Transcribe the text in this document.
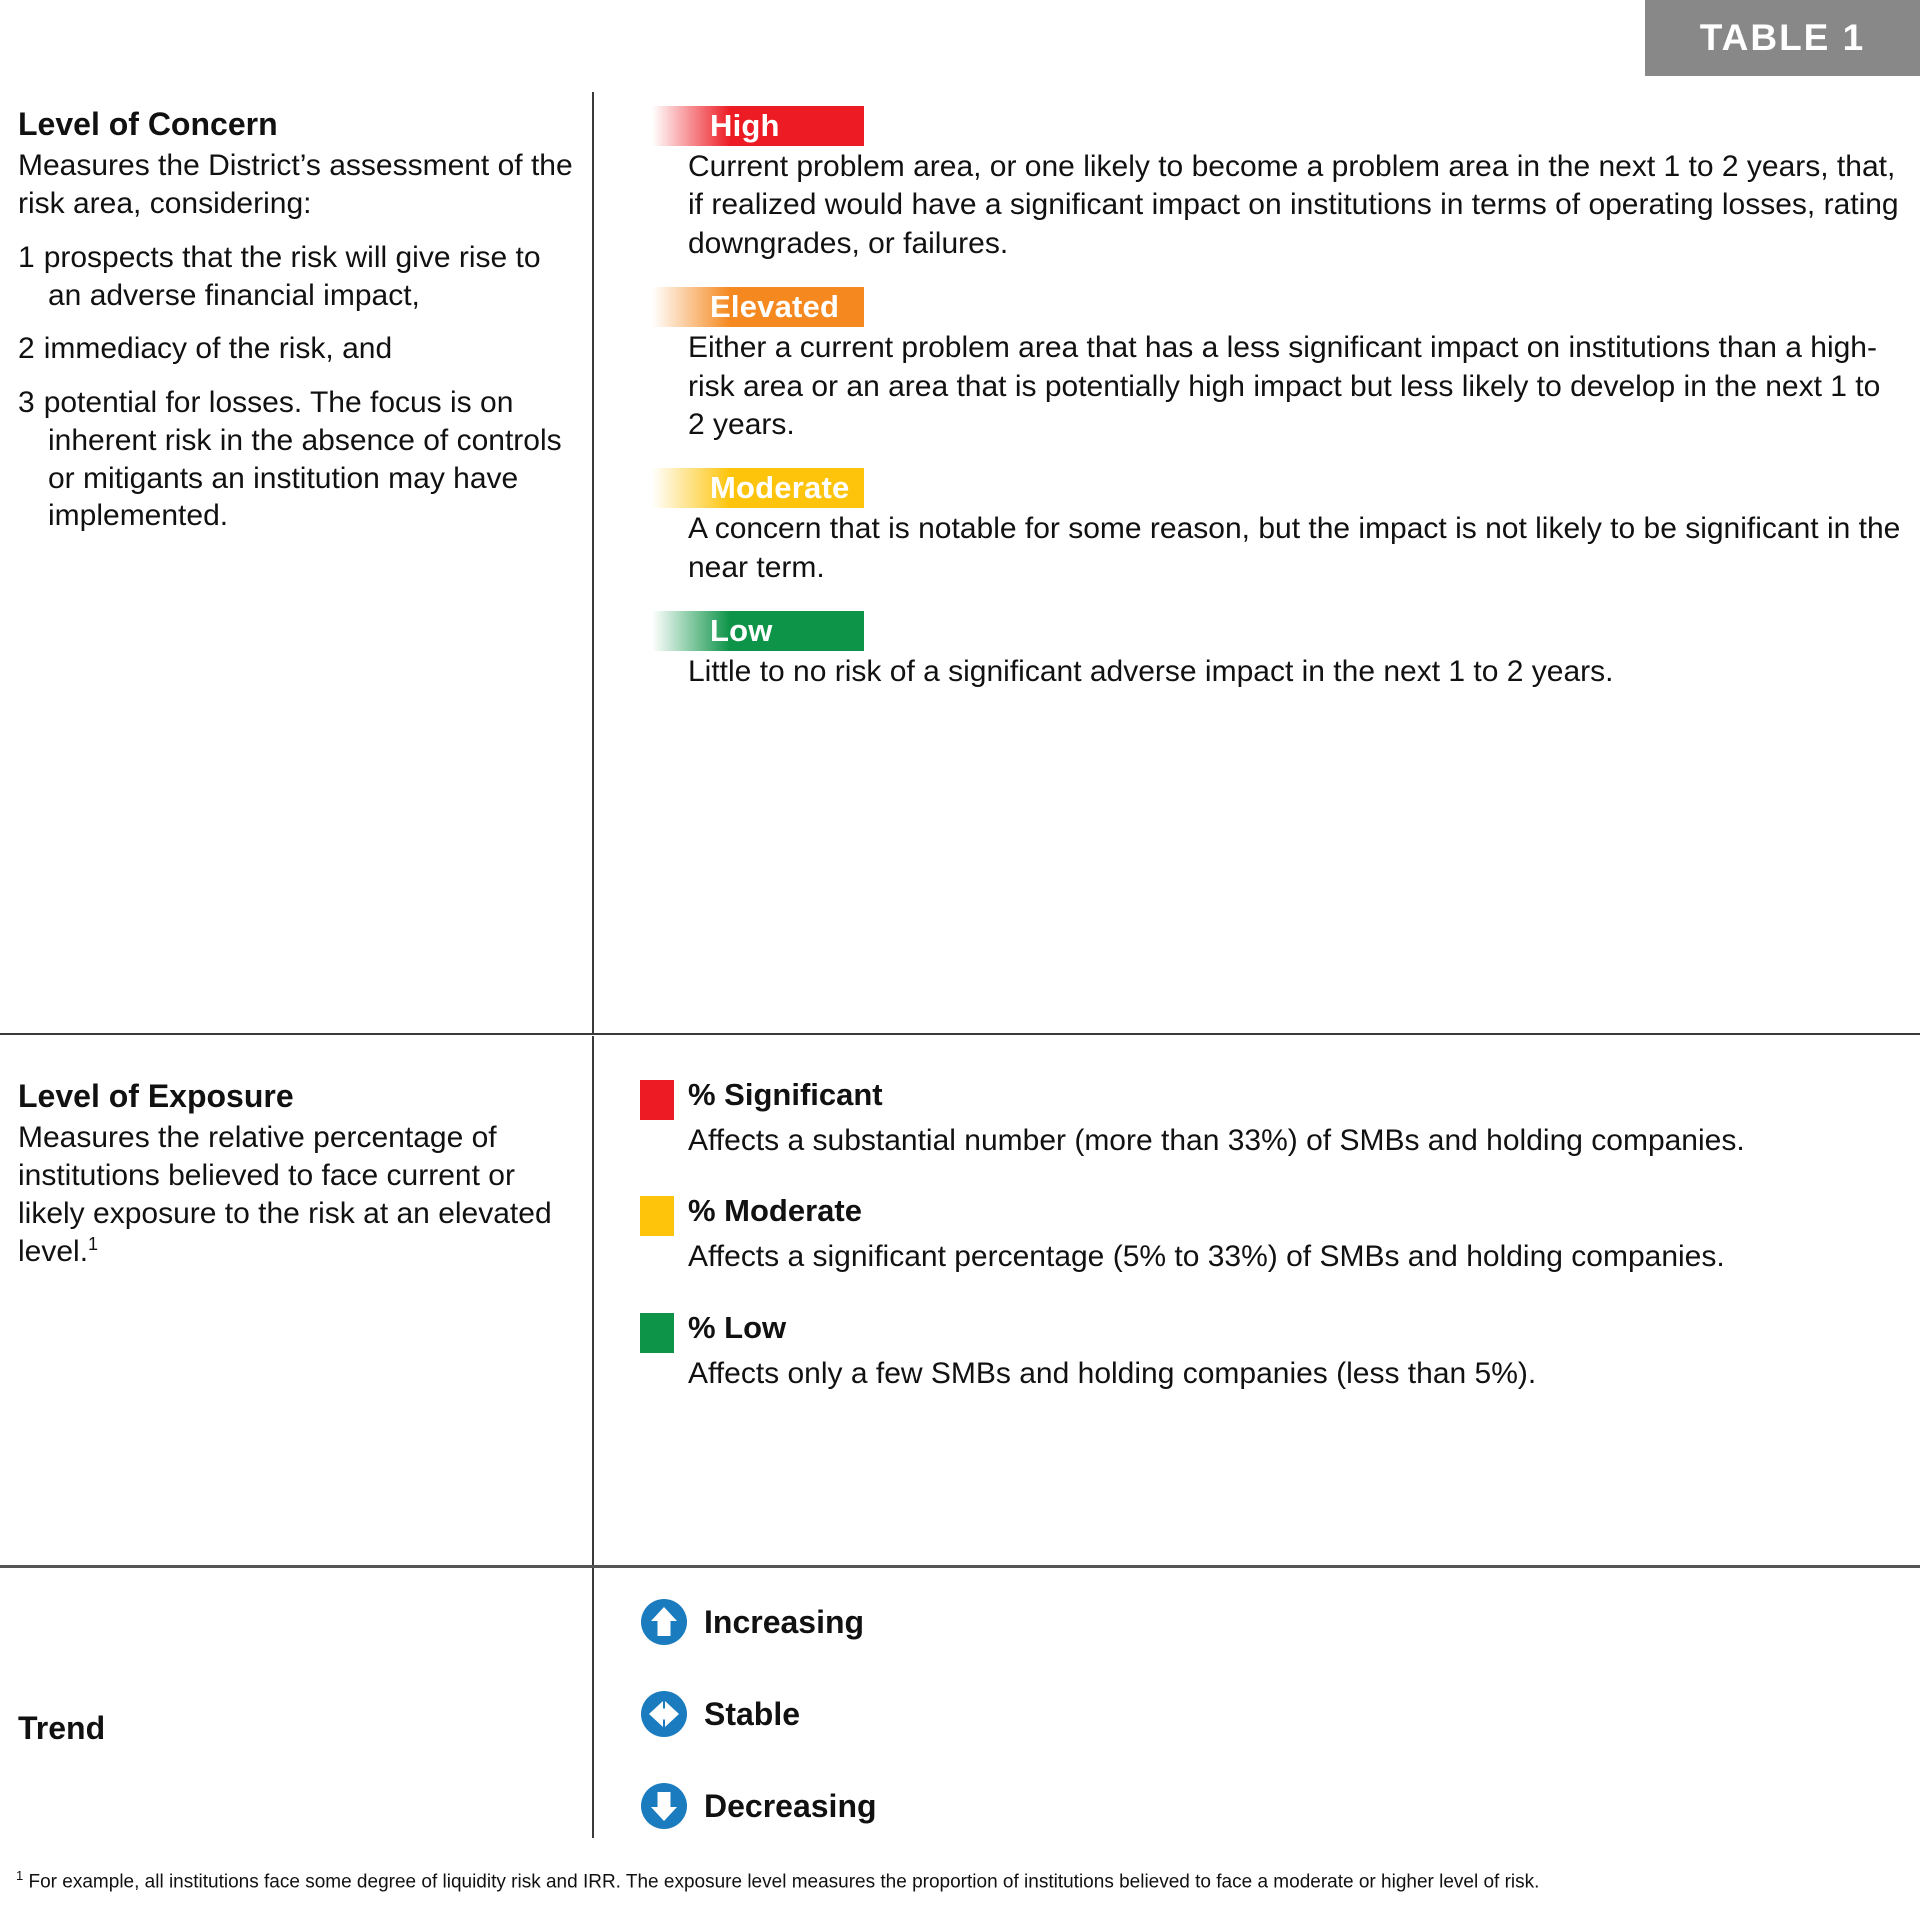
TABLE 1
Level of Concern

Measures the District’s assessment of the risk area, considering:

1 prospects that the risk will give rise to an adverse financial impact,
2 immediacy of the risk, and
3 potential for losses. The focus is on inherent risk in the absence of controls or mitigants an institution may have implemented.
High
Current problem area, or one likely to become a problem area in the next 1 to 2 years, that, if realized would have a significant impact on institutions in terms of operating losses, rating downgrades, or failures.
Elevated
Either a current problem area that has a less significant impact on institutions than a high-risk area or an area that is potentially high impact but less likely to develop in the next 1 to 2 years.
Moderate
A concern that is notable for some reason, but the impact is not likely to be significant in the near term.
Low
Little to no risk of a significant adverse impact in the next 1 to 2 years.
Level of Exposure

Measures the relative percentage of institutions believed to face current or likely exposure to the risk at an elevated level.$^1$

% Significant
Affects a substantial number (more than 33%) of SMBs and holding companies.
% Moderate
Affects a significant percentage (5% to 33%) of SMBs and holding companies.
% Low
Affects only a few SMBs and holding companies (less than 5%).
Trend
Increasing
Stable
Decreasing
$^1$ For example, all institutions face some degree of liquidity risk and IRR. The exposure level measures the proportion of institutions believed to face a moderate or higher level of risk.
